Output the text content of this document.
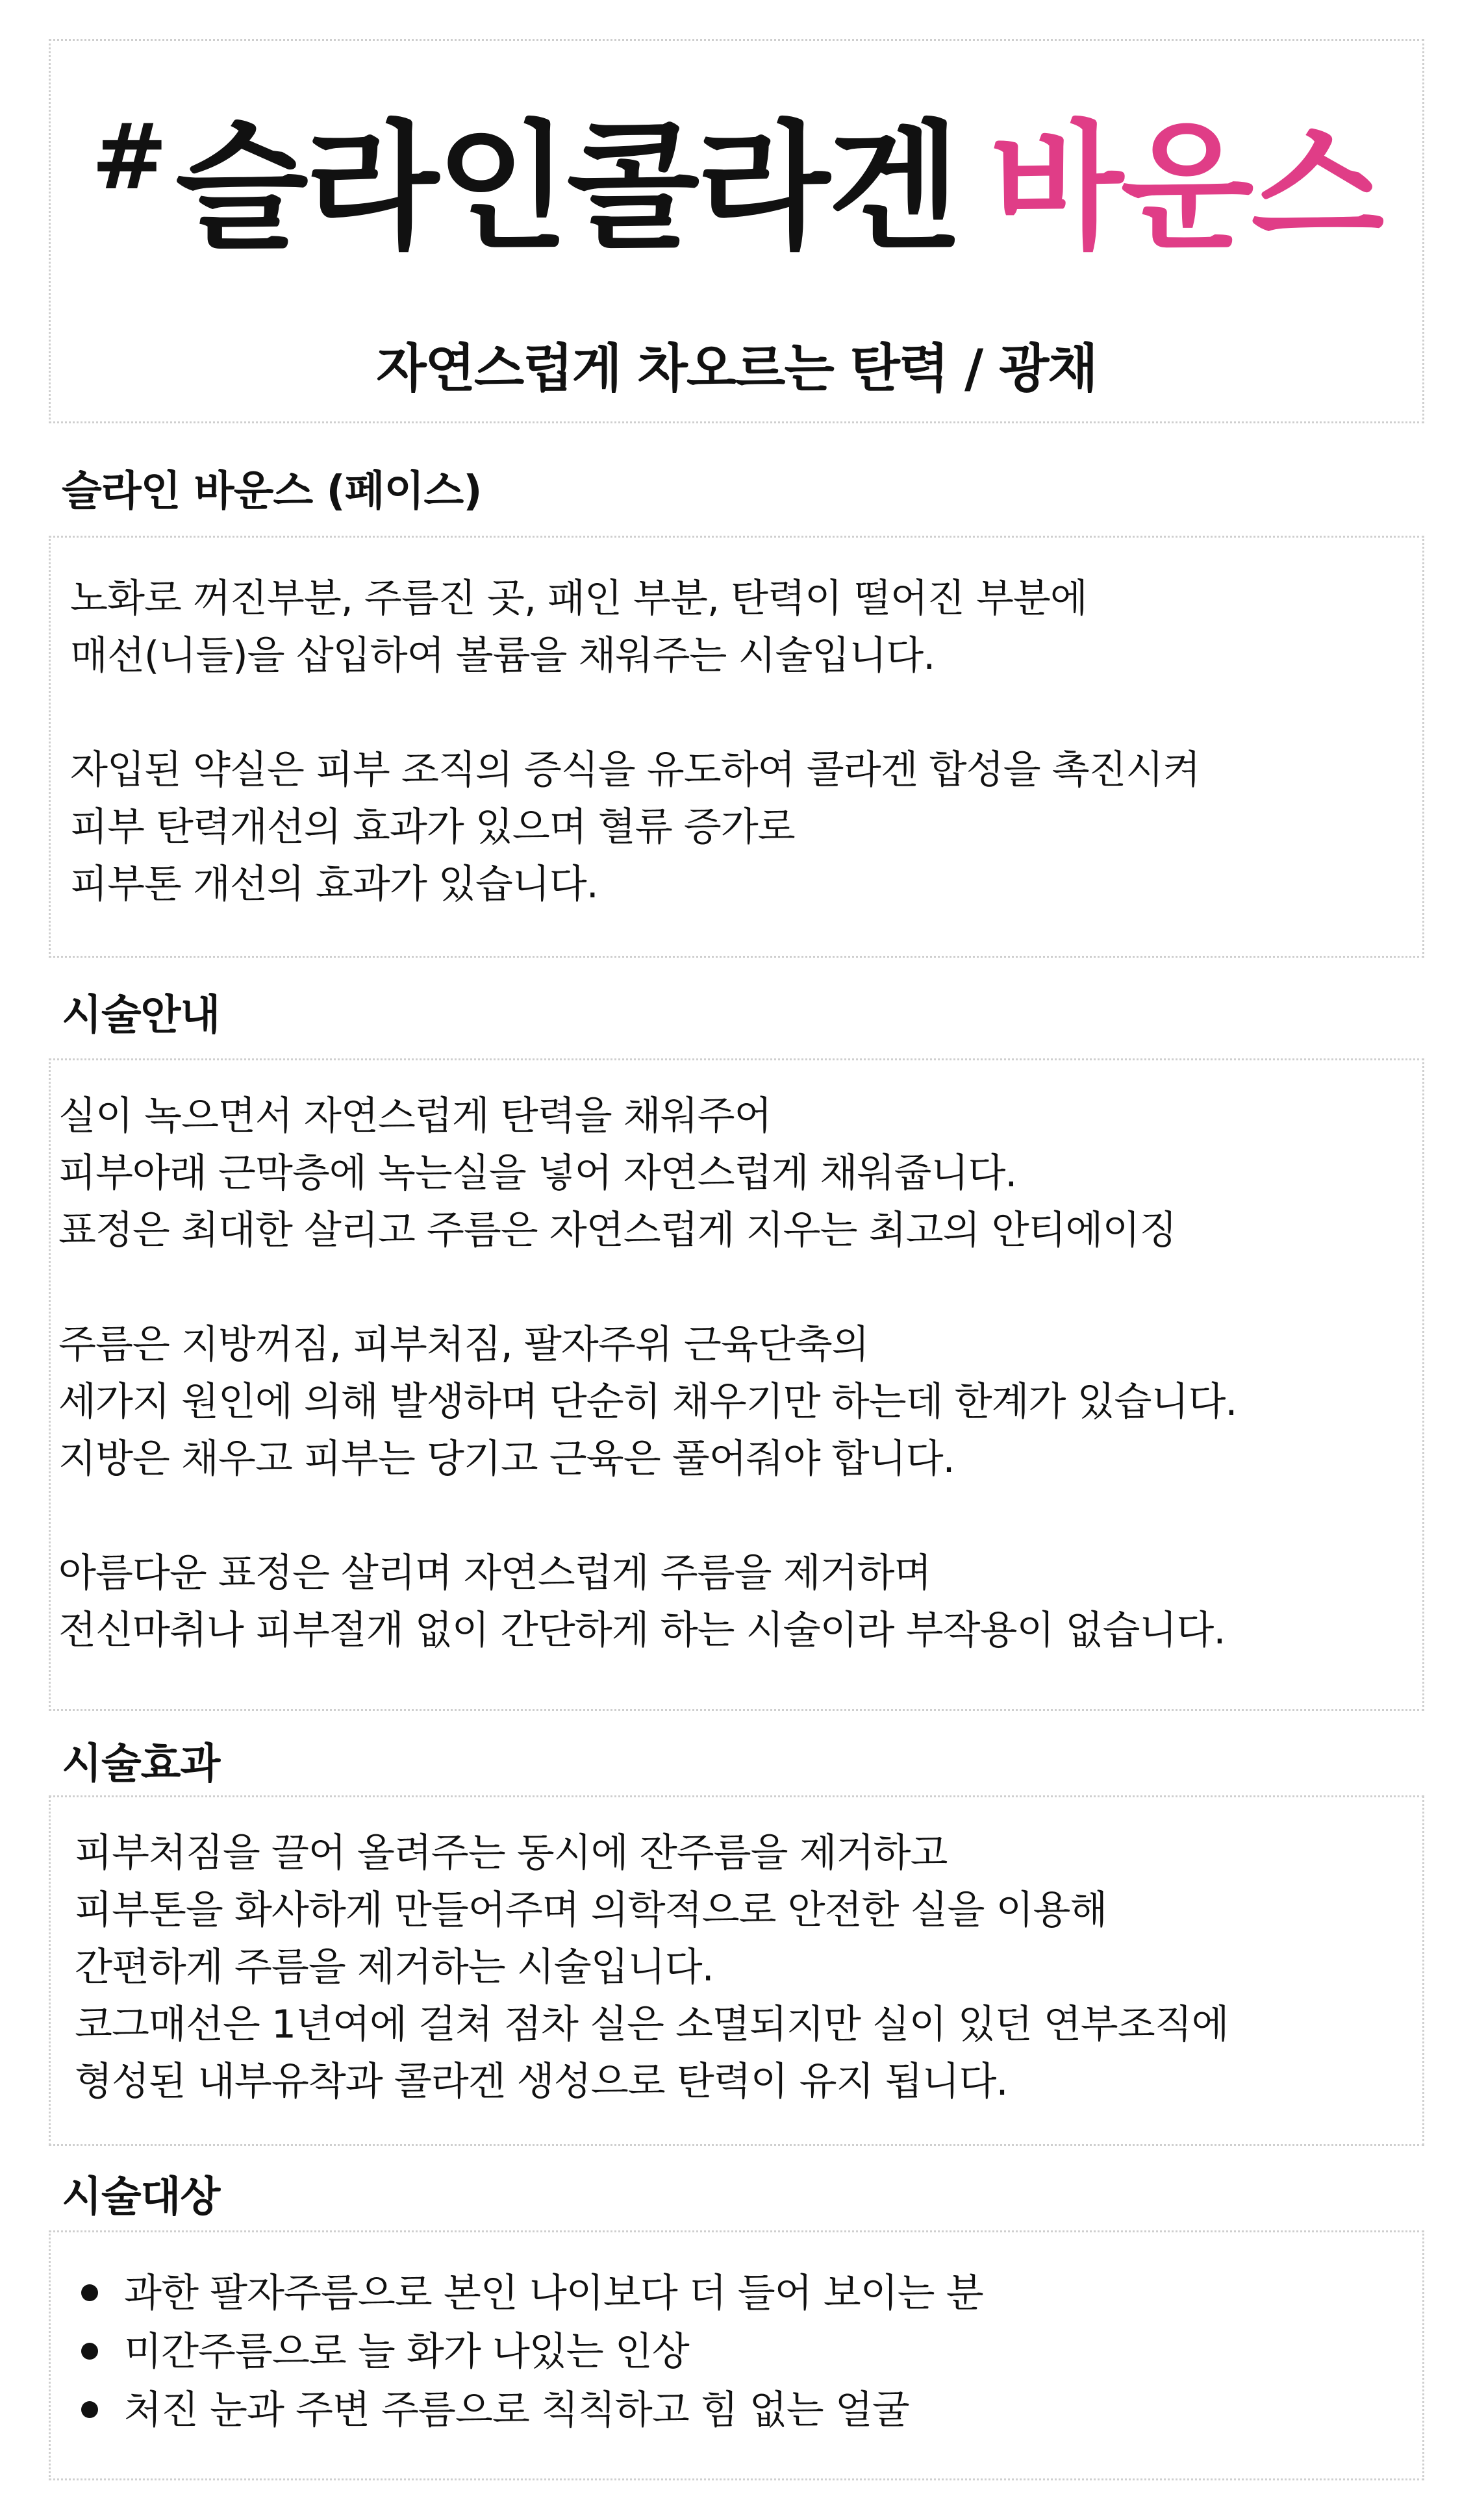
#슬라인콜라겐 바운스
자연스럽게 차오르는 탄력 / 광채
슬라인 바운스 (페이스)
노화로 꺼진부분, 주름진 곳, 패인 부분, 탄력이 떨어진 부분에
매선(니들)을 삽입하여 볼륨을 채워주는 시술입니다.
자입된 약실은 피부 조직의 증식을 유도하여 콜라겐 합성을 촉진시켜
피부 탄력개선의 효과가 있으며 혈류 증가로
피부톤 개선의 효과가 있습니다.
시술안내
실이 녹으면서 자연스럽게 탄력을 채워주어
피부아래 근막층에 녹는실을 넣어 자연스럽게 채워줍니다.
표정은 최대한 살리고 주름은 자연스럽게 지우는 최고의 안티에이징
주름은 지방꺼짐, 피부처짐, 팔자주위 근육단축의
세가지 원인에 의해 발생하며 단순히 채우기만 하는데 한계가 있습니다.
지방은 채우고 피부는 당기고 근육은 풀어줘야 합니다.
아름다운 표정은 살리며 자연스럽게 주름을 제거하며
전신마취나 피부절개 없이 간단하게 하는 시술이라 부작용이 없습니다.
시술효과
피부처짐을 끌어 올려주는 동시에 잔주름을 제거하고
피부톤을 화사하게 만들어주며 의학적으로 안전한 실을 이용해
간편하게 주름을 제거하는 시술입니다.
코그매선은 1년여에 걸쳐 점차 실은 소멸되지만 실이 있던 연부조직에
형성된 내부유착과 콜라겐 생성으로 탄력이 유지 됩니다.
시술대상
과한 팔자주름으로 본인 나이보다 더 들어 보이는 분
미간주름으로 늘 화가 나있는 인상
처진 눈과 주변 주름으로 칙칙하고 힘 없는 얼굴
